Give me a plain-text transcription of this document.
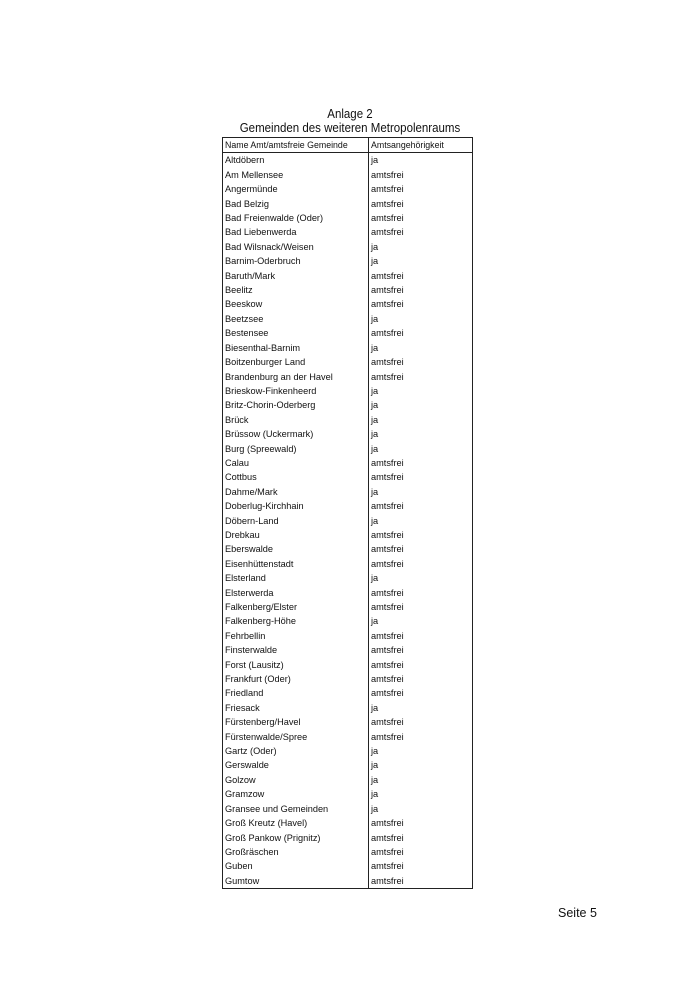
Anlage 2
Gemeinden des weiteren Metropolenraums
Name Amt/amtsfreie Gemeinde	Amtsangehörigkeit
Altdöbern	ja
Am Mellensee	amtsfrei
Angermünde	amtsfrei
Bad Belzig	amtsfrei
Bad Freienwalde (Oder)	amtsfrei
Bad Liebenwerda	amtsfrei
Bad Wilsnack/Weisen	ja
Barnim-Oderbruch	ja
Baruth/Mark	amtsfrei
Beelitz	amtsfrei
Beeskow	amtsfrei
Beetzsee	ja
Bestensee	amtsfrei
Biesenthal-Barnim	ja
Boitzenburger Land	amtsfrei
Brandenburg an der Havel	amtsfrei
Brieskow-Finkenheerd	ja
Britz-Chorin-Oderberg	ja
Brück	ja
Brüssow (Uckermark)	ja
Burg (Spreewald)	ja
Calau	amtsfrei
Cottbus	amtsfrei
Dahme/Mark	ja
Doberlug-Kirchhain	amtsfrei
Döbern-Land	ja
Drebkau	amtsfrei
Eberswalde	amtsfrei
Eisenhüttenstadt	amtsfrei
Elsterland	ja
Elsterwerda	amtsfrei
Falkenberg/Elster	amtsfrei
Falkenberg-Höhe	ja
Fehrbellin	amtsfrei
Finsterwalde	amtsfrei
Forst (Lausitz)	amtsfrei
Frankfurt (Oder)	amtsfrei
Friedland	amtsfrei
Friesack	ja
Fürstenberg/Havel	amtsfrei
Fürstenwalde/Spree	amtsfrei
Gartz (Oder)	ja
Gerswalde	ja
Golzow	ja
Gramzow	ja
Gransee und Gemeinden	ja
Groß Kreutz (Havel)	amtsfrei
Groß Pankow (Prignitz)	amtsfrei
Großräschen	amtsfrei
Guben	amtsfrei
Gumtow	amtsfrei
Seite 5
